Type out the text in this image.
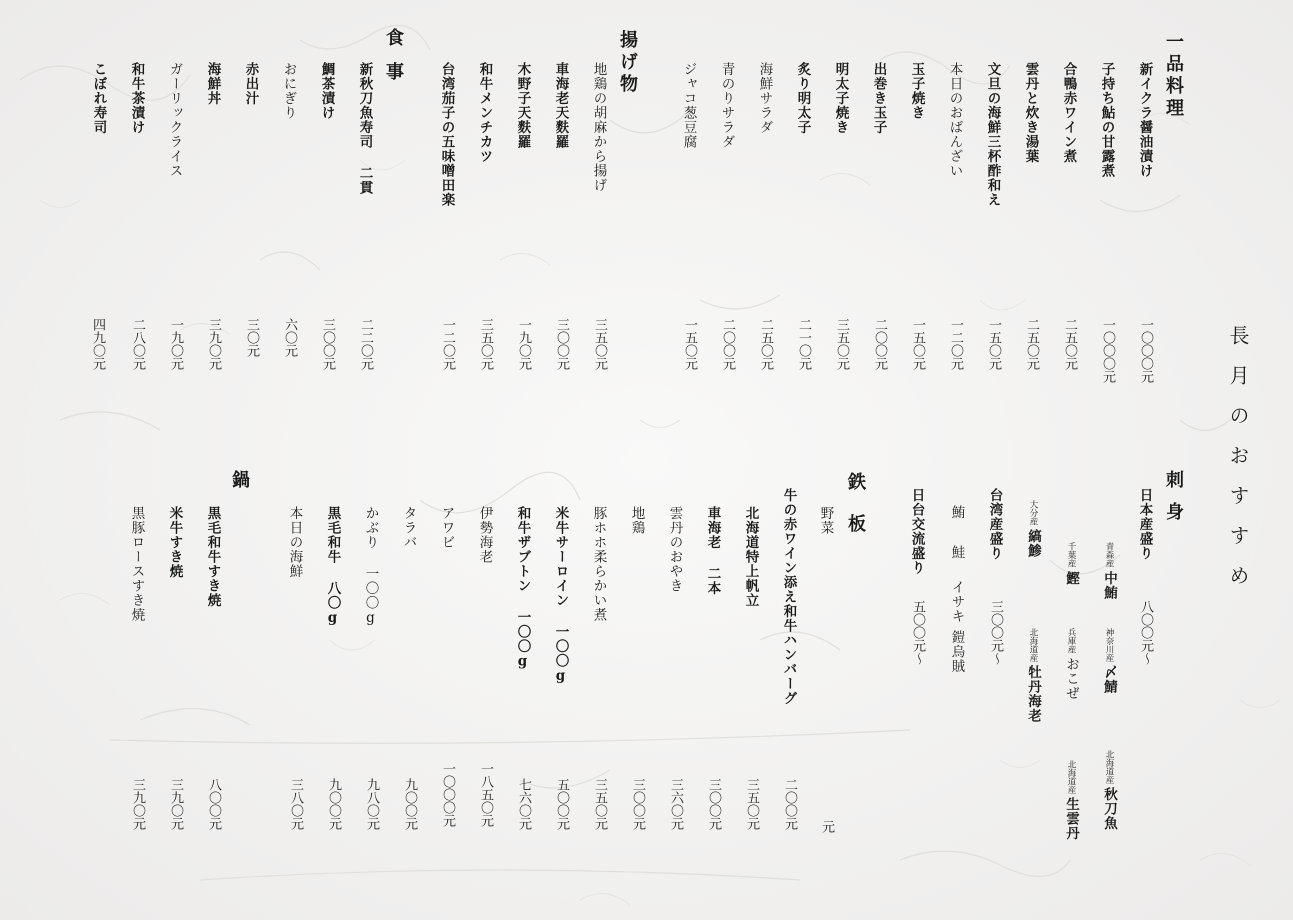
長月のおすすめ
一品料理
新イクラ醤油漬け
一〇〇〇元
子持ち鮎の甘露煮
一〇〇〇元
合鴨赤ワイン煮
二五〇元
雲丹と炊き湯葉
二五〇元
文旦の海鮮三杯酢和え
一五〇元
本日のおばんざい
一二〇元
玉子焼き
一五〇元
出巻き玉子
二〇〇元
明太子焼き
三五〇元
炙り明太子
二一〇元
海鮮サラダ
二五〇元
青のりサラダ
二〇〇元
ジャコ葱豆腐
一五〇元
揚げ物
地鶏の胡麻から揚げ
三五〇元
車海老天麩羅
三〇〇元
木野子天麩羅
一九〇元
和牛メンチカツ
三五〇元
台湾茄子の五味噌田楽
一二〇元
食事
新秋刀魚寿司 二貫
二二〇元
鯛茶漬け
三〇〇元
おにぎり
六〇元
赤出汁
三〇元
海鮮丼
三九〇元
ガーリックライス
一九〇元
和牛茶漬け
二八〇元
こぼれ寿司
四九〇元
刺身
日本産盛り
八〇〇元〜
青森産中鮪
神奈川産〆鯖
北海道産秋刀魚
千葉産鰹
兵庫産おこぜ
北海道産生雲丹
大分産縞鯵
北海道産牡丹海老
台湾産盛り
三〇〇元〜
鮪
鮭
イサキ
鎧烏賊
日台交流盛り
五〇〇元〜
鉄
板
野菜
元
牛の赤ワイン添え和牛ハンバーグ
二〇〇元
北海道特上帆立
三五〇元
車海老 二本
三〇〇元
雲丹のおやき
三六〇元
地鶏
三〇〇元
豚ホホ柔らかい煮
三五〇元
米牛サーロイン 一〇〇g
五〇〇元
和牛ザブトン 一〇〇g
七六〇元
伊勢海老
一八五〇元
アワビ
一〇〇〇元
タラバ
九〇〇元
かぶり 一〇〇g
九八〇元
黒毛和牛 八〇g
九〇〇元
本日の海鮮
三八〇元
鍋
黒毛和牛すき焼
八〇〇元
米牛すき焼
三九〇元
黒豚ロースすき焼
三九〇元
